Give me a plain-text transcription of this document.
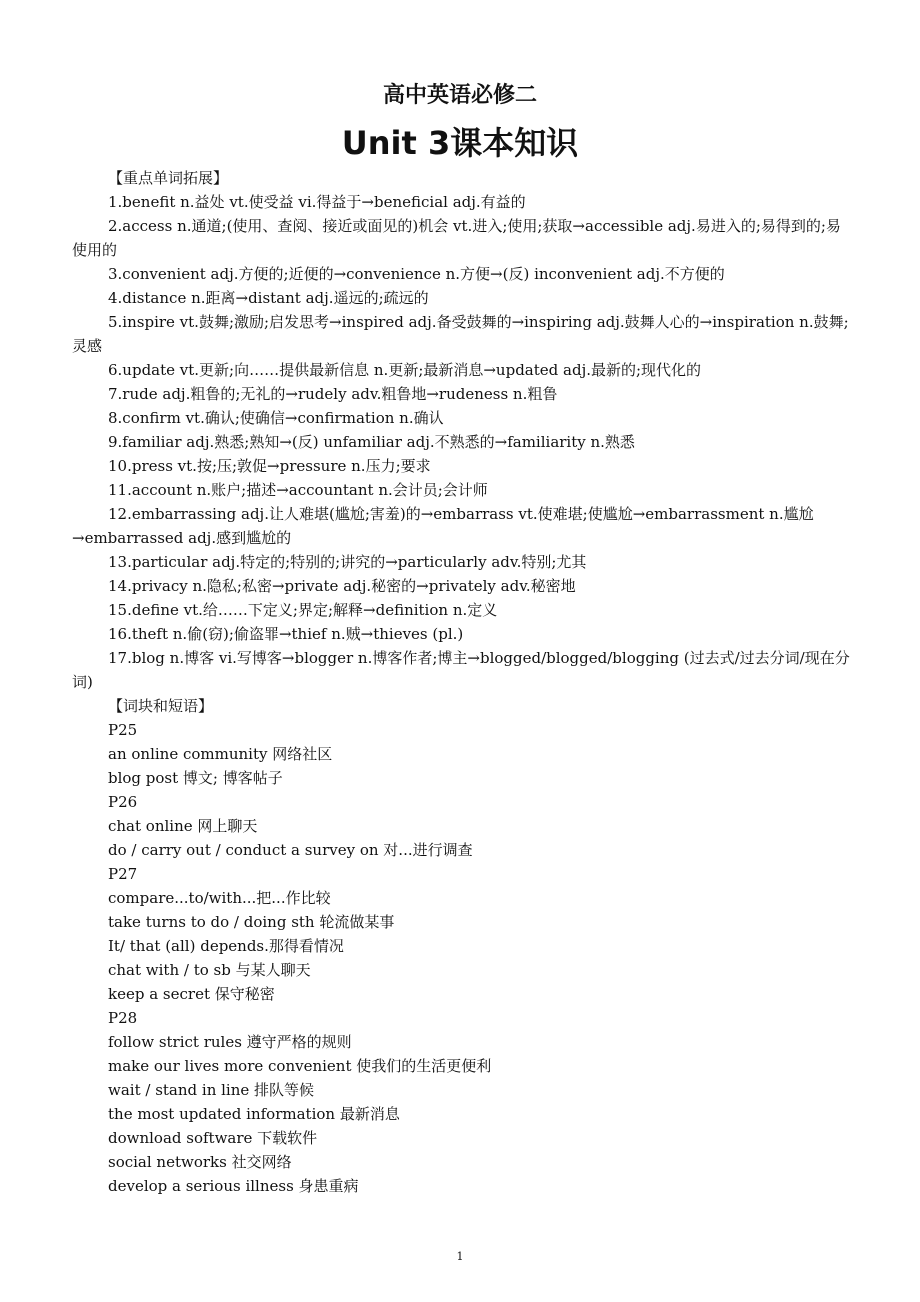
高中英语必修二
Unit 3课本知识
【重点单词拓展】
1.benefit n.益处 vt.使受益 vi.得益于→beneficial adj.有益的
2.access n.通道;(使用、查阅、接近或面见的)机会 vt.进入;使用;获取→accessible adj.易进入的;易得到的;易使用的
3.convenient adj.方便的;近便的→convenience n.方便→(反) inconvenient adj.不方便的
4.distance n.距离→distant adj.遥远的;疏远的
5.inspire vt.鼓舞;激励;启发思考→inspired adj.备受鼓舞的→inspiring adj.鼓舞人心的→inspiration n.鼓舞;灵感
6.update vt.更新;向……提供最新信息 n.更新;最新消息→updated adj.最新的;现代化的
7.rude adj.粗鲁的;无礼的→rudely adv.粗鲁地→rudeness n.粗鲁
8.confirm vt.确认;使确信→confirmation n.确认
9.familiar adj.熟悉;熟知→(反) unfamiliar adj.不熟悉的→familiarity n.熟悉
10.press vt.按;压;敦促→pressure n.压力;要求
11.account n.账户;描述→accountant n.会计员;会计师
12.embarrassing adj.让人难堪(尴尬;害羞)的→embarrass vt.使难堪;使尴尬→embarrassment n.尴尬→embarrassed adj.感到尴尬的
13.particular adj.特定的;特别的;讲究的→particularly adv.特别;尤其
14.privacy n.隐私;私密→private adj.秘密的→privately adv.秘密地
15.define vt.给……下定义;界定;解释→definition n.定义
16.theft n.偷(窃);偷盗罪→thief n.贼→thieves (pl.)
17.blog n.博客 vi.写博客→blogger n.博客作者;博主→blogged/blogged/blogging (过去式/过去分词/现在分词)
【词块和短语】
P25
an online community 网络社区
blog post 博文; 博客帖子
P26
chat online 网上聊天
do / carry out / conduct a survey on 对...进行调查
P27
compare...to/with...把...作比较
take turns to do / doing sth 轮流做某事
It/ that (all) depends.那得看情况
chat with / to sb 与某人聊天
keep a secret 保守秘密
P28
follow strict rules 遵守严格的规则
make our lives more convenient 使我们的生活更便利
wait / stand in line 排队等候
the most updated information 最新消息
download software 下载软件
social networks 社交网络
develop a serious illness 身患重病
1
